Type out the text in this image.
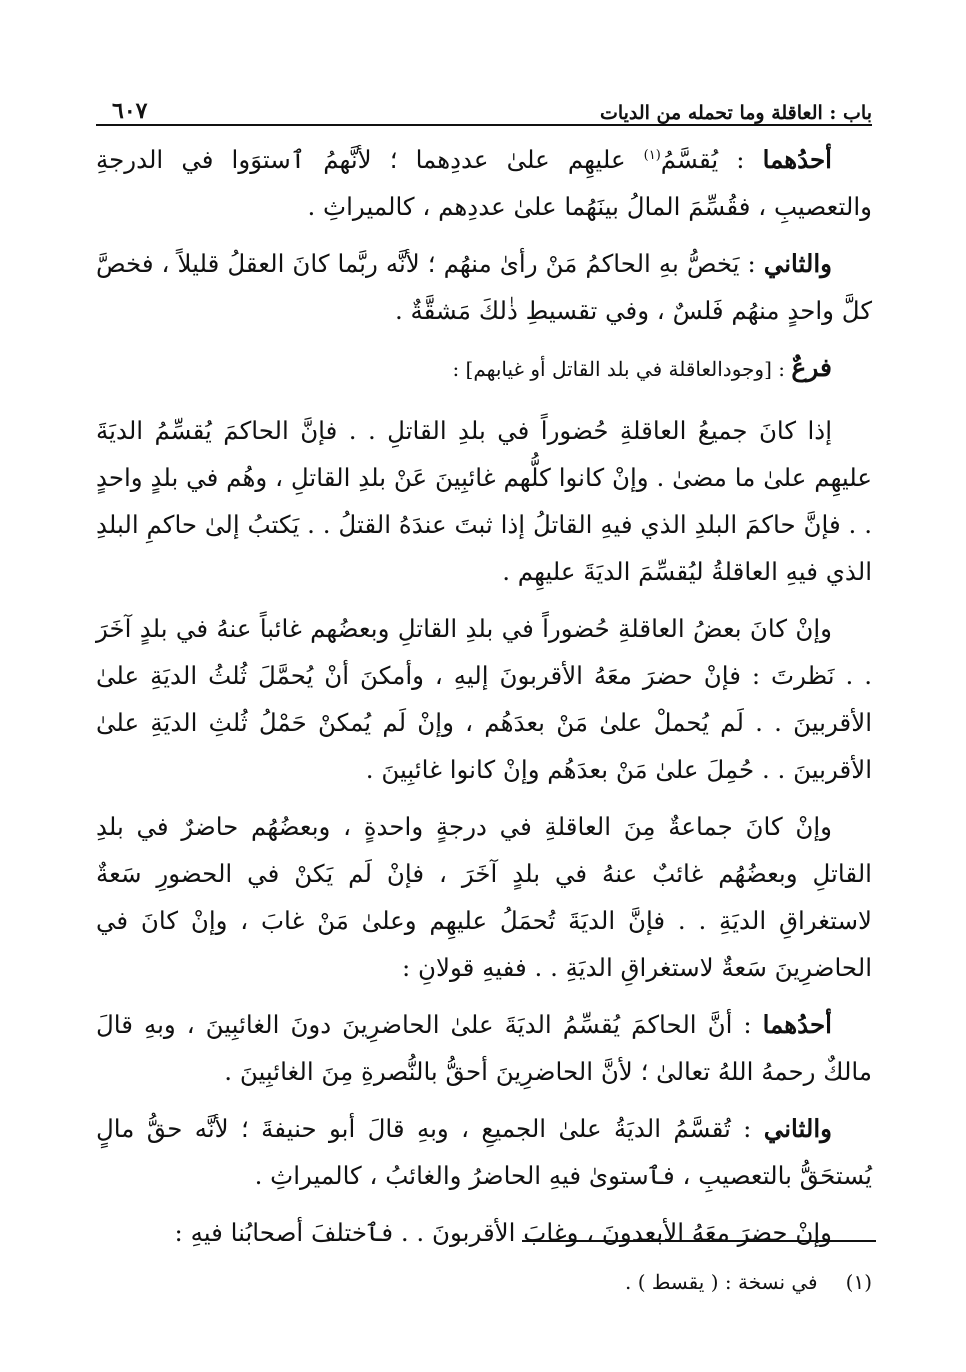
باب : العاقلة وما تحمله من الديات
٦٠٧

أحدُهما : يُقسَّمُ$^{(١)}$ عليهِم علىٰ عددِهما ؛ لأنَّهمُ ٱستوَوا في الدرجةِ والتعصيبِ ، فقُسِّمَ المالُ بينَهُما علىٰ عددِهم ، كالميراثِ .

والثاني : يَخصُّ بهِ الحاكمُ مَنْ رأىٰ منهُم ؛ لأنَّه ربَّما كانَ العقلُ قليلاً ، فخصَّ كلَّ واحدٍ منهُم فَلسٌ ، وفي تقسيطِ ذٰلكَ مَشقَّةٌ .

فرعٌ : [وجودالعاقلة في بلد القاتل أو غيابهم] :

إذا كانَ جميعُ العاقلةِ حُضوراً في بلدِ القاتلِ . . فإنَّ الحاكمَ يُقسِّمُ الديَةَ عليهِم علىٰ ما مضىٰ . وإنْ كانوا كلُّهم غائبِينَ عَنْ بلدِ القاتلِ ، وهُم في بلدٍ واحدٍ . . فإنَّ حاكمَ البلدِ الذي فيهِ القاتلُ إذا ثبتَ عندَهُ القتلُ . . يَكتبُ إلىٰ حاكمِ البلدِ الذي فيهِ العاقلةُ ليُقسِّمَ الديَةَ عليهِم .

وإنْ كانَ بعضُ العاقلةِ حُضوراً في بلدِ القاتلِ وبعضُهم غائباً عنهُ في بلدٍ آخَرَ . . نَظرتَ : فإنْ حضرَ معَهُ الأقربونَ إليهِ ، وأمكنَ أنْ يُحمَّلَ ثُلثُ الديَةِ علىٰ الأقربينَ . . لَم يُحملْ علىٰ مَنْ بعدَهُم ، وإنْ لَم يُمكنْ حَمْلُ ثُلثِ الديَةِ علىٰ الأقربينَ . . حُمِلَ علىٰ مَنْ بعدَهُم وإنْ كانوا غائبِينَ .

وإنْ كانَ جماعةٌ مِنَ العاقلةِ في درجةٍ واحدةٍ ، وبعضُهُم حاضرٌ في بلدِ القاتلِ وبعضُهُم غائبٌ عنهُ في بلدٍ آخَرَ ، فإنْ لَم يَكنْ في الحضورِ سَعةٌ لاستغراقِ الديَةِ . . فإنَّ الديَةَ تُحمَلُ عليهِم وعلىٰ مَنْ غابَ ، وإنْ كانَ في الحاضرِينَ سَعةٌ لاستغراقِ الديَةِ . . ففيهِ قولانِ :

أحدُهما : أنَّ الحاكمَ يُقسِّمُ الديَةَ علىٰ الحاضرِينَ دونَ الغائبِينَ ، وبهِ قالَ مالكٌ رحمهُ اللهُ تعالىٰ ؛ لأنَّ الحاضرِينَ أحقُّ بالنُّصرةِ مِنَ الغائبِينَ .

والثاني : تُقسَّمُ الديَةُ علىٰ الجميعِ ، وبهِ قالَ أبو حنيفةَ ؛ لأنَّه حقُّ مالٍ يُستحَقُّ بالتعصيبِ ، فٱستوىٰ فيهِ الحاضرُ والغائبُ ، كالميراثِ .

وإنْ حضرَ معَهُ الأبعدونَ ، وغابَ الأقربونَ . . فٱختلفَ أصحابُنا فيهِ :

(١)في نسخة : ( يقسط ) .
